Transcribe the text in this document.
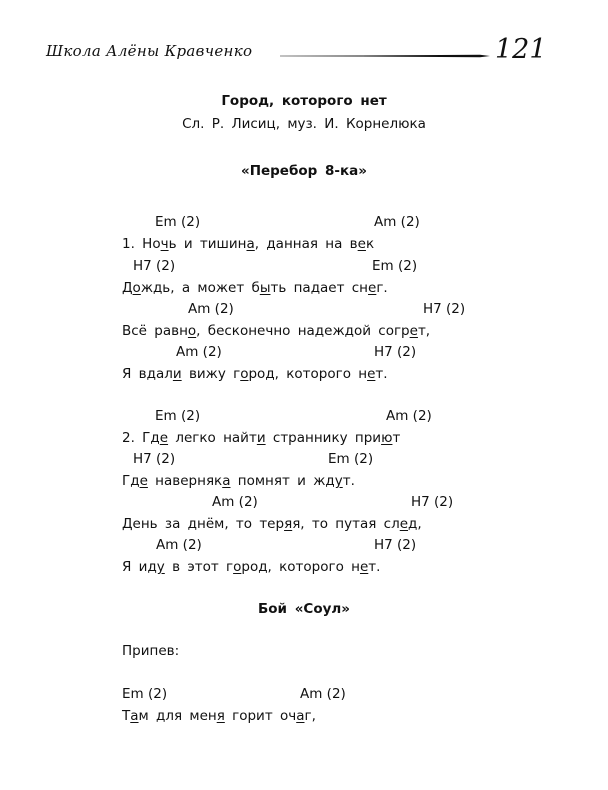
Школа Алёны Кравченко	121
Город, которого нет
Сл. Р. Лисиц, муз. И. Корнелюка
«Перебор 8-ка»
Em (2)	Am (2)
1. Ночь и тишина, данная на век
H7 (2)	Em (2)
Дождь, а может быть падает снег.
Am (2)	H7 (2)
Всё равно, бесконечно надеждой согрет,
Am (2)	H7 (2)
Я вдали вижу город, которого нет.
Em (2)	Am (2)
2. Где легко найти страннику приют
H7 (2)	Em (2)
Где наверняка помнят и ждут.
Am (2)	H7 (2)
День за днём, то теряя, то путая след,
Am (2)	H7 (2)
Я иду в этот город, которого нет.
Бой «Соул»
Припев:
Em (2)	Am (2)
Там для меня горит очаг,
